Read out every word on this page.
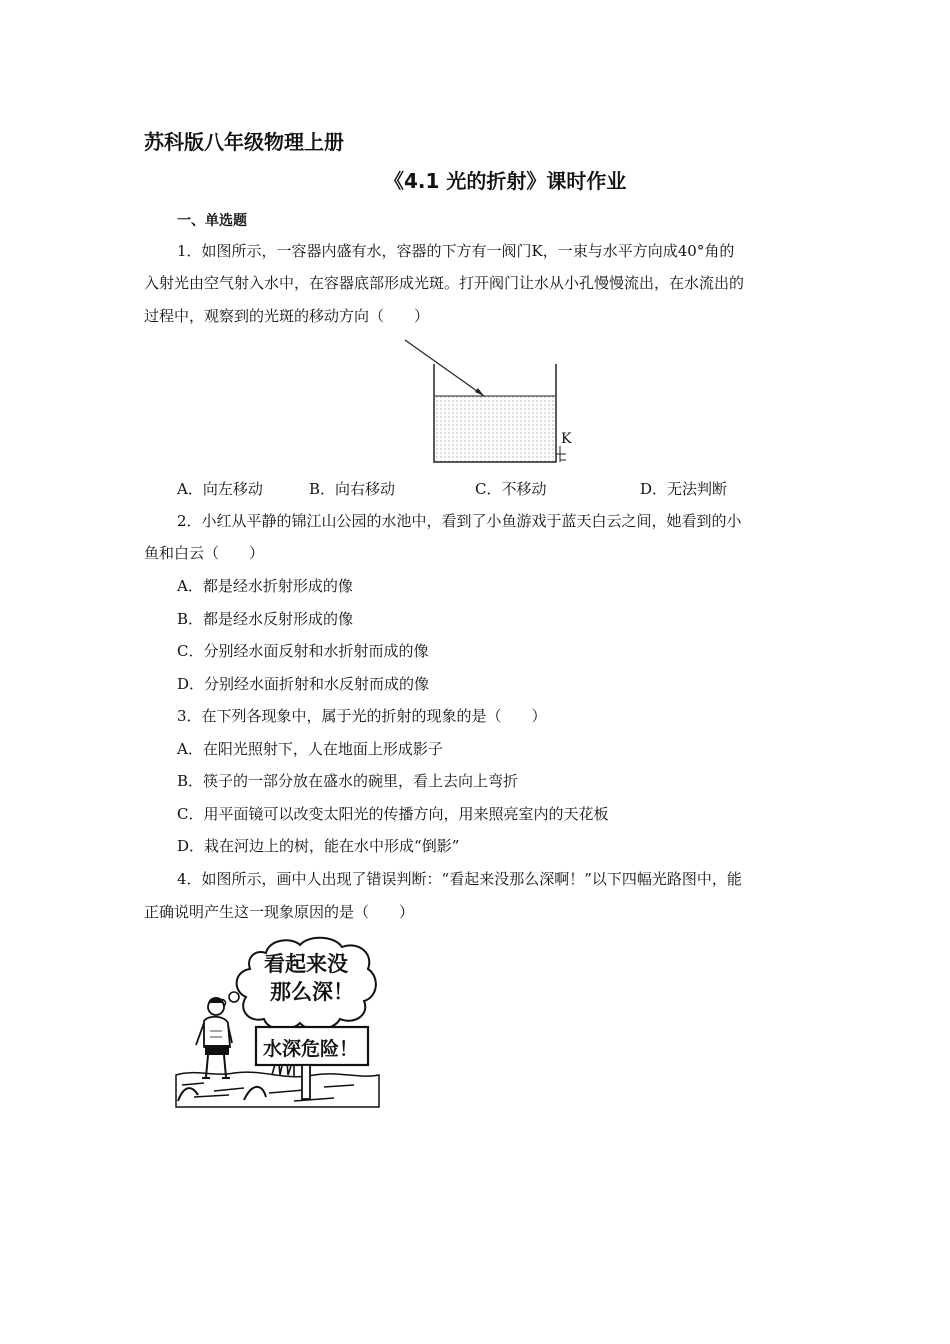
苏科版八年级物理上册
《4.1 光的折射》课时作业
一、单选题
1．如图所示，一容器内盛有水，容器的下方有一阀门K，一束与水平方向成40°角的
入射光由空气射入水中，在容器底部形成光斑。打开阀门让水从小孔慢慢流出，在水流出的
过程中，观察到的光斑的移动方向（　　）
K
A．向左移动	B．向右移动	C．不移动	D．无法判断
2．小红从平静的锦江山公园的水池中，看到了小鱼游戏于蓝天白云之间，她看到的小
鱼和白云（　　）
A．都是经水折射形成的像
B．都是经水反射形成的像
C．分别经水面反射和水折射而成的像
D．分别经水面折射和水反射而成的像
3．在下列各现象中，属于光的折射的现象的是（　　）
A．在阳光照射下，人在地面上形成影子
B．筷子的一部分放在盛水的碗里，看上去向上弯折
C．用平面镜可以改变太阳光的传播方向，用来照亮室内的天花板
D．栽在河边上的树，能在水中形成“倒影”
4．如图所示，画中人出现了错误判断：“看起来没那么深啊！”以下四幅光路图中，能
正确说明产生这一现象原因的是（　　）
看起来没
那么深！
水深危险！
